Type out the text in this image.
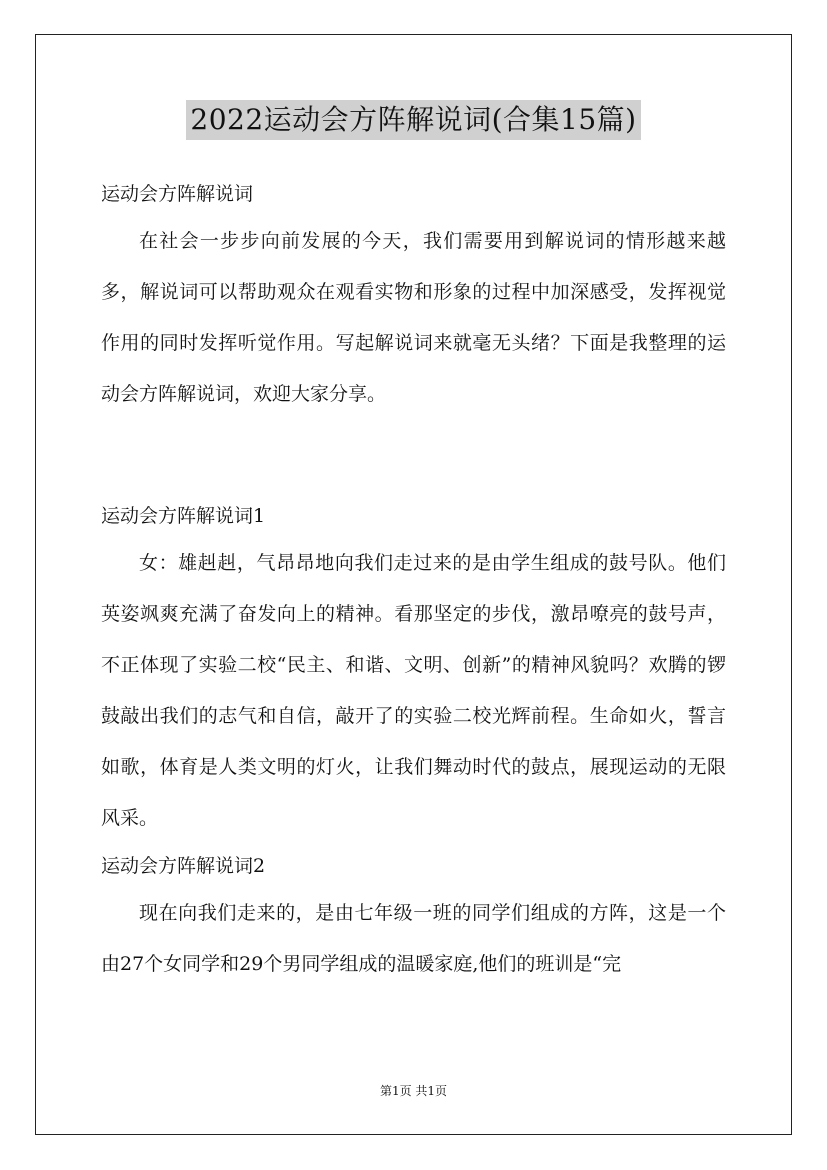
2022运动会方阵解说词(合集15篇)
运动会方阵解说词

在社会一步步向前发展的今天，我们需要用到解说词的情形越来越多，解说词可以帮助观众在观看实物和形象的过程中加深感受，发挥视觉作用的同时发挥听觉作用。写起解说词来就毫无头绪？下面是我整理的运动会方阵解说词，欢迎大家分享。

运动会方阵解说词1

女：雄赳赳，气昂昂地向我们走过来的是由学生组成的鼓号队。他们英姿飒爽充满了奋发向上的精神。看那坚定的步伐，激昂嘹亮的鼓号声，不正体现了实验二校“民主、和谐、文明、创新”的精神风貌吗？欢腾的锣鼓敲出我们的志气和自信，敲开了的实验二校光辉前程。生命如火，誓言如歌，体育是人类文明的灯火，让我们舞动时代的鼓点，展现运动的无限风采。

运动会方阵解说词2

现在向我们走来的，是由七年级一班的同学们组成的方阵，这是一个由27个女同学和29个男同学组成的温暖家庭,他们的班训是“完

第1页 共1页
